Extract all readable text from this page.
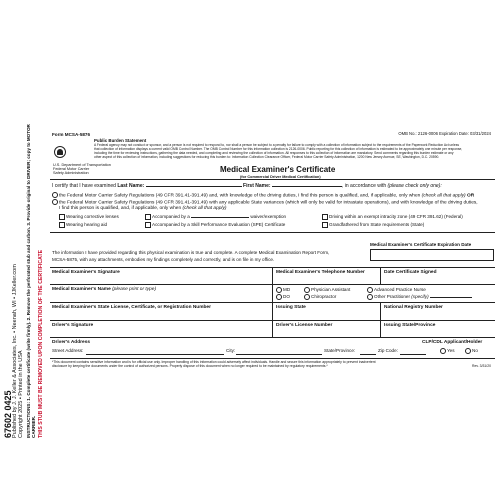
67602 0425 Published by J. J. Keller & Associates, Inc. • Neenah, WI • JJKeller.com Copyright 2025 • Printed in the USA INSTRUCTIONS: 1. Complete certificate (write firmly). 2. Remove the perforated stub and carbon. 3. Provide original to DRIVER; copy to MOTOR CARRIER. THIS STUB MUST BE REMOVED UPON COMPLETION OF THE CERTIFICATE
Form MCSA-5876	OMB No.: 2126-0006 Expiration Date: 03/31/2024
Public Burden Statement
A Federal agency may not conduct or sponsor, and a person is not required to respond to, nor shall a person be subject to a penalty for failure to comply with a collection of information subject to the requirements of the Paperwork Reduction Act unless
that collection of information displays a current valid OMB Control Number. The OMB Control Number for this information collection is 2126-0006. Public reporting for this collection of information is estimated to be approximately one minute per response,
including the time for reviewing instructions, gathering the data needed, and completing and reviewing the collection of information. All responses to this collection of information are mandatory. Send comments regarding this burden estimate or any
other aspect of this collection of information, including suggestions for reducing this burden to: Information Collection Clearance Officer, Federal Motor Carrier Safety Administration, 1200 New Jersey Avenue, SE, Washington, D.C. 20590.
U.S. Department of Transportation
Federal Motor Carrier
Safety Administration	Medical Examiner's Certificate
(for Commercial Driver Medical Certification)
I certify that I have examined Last Name:	First Name:	, in accordance with (please check only one):
the Federal Motor Carrier Safety Regulations (49 CFR 391.41-391.49) and, with knowledge of the driving duties, I find this person is qualified, and, if applicable, only when (check all that apply) OR
the Federal Motor Carrier Safety Regulations (49 CFR 391.41-391.49) with any applicable State variances (which will only be valid for intrastate operations), and with knowledge of the driving duties,
I find this person is qualified, and, if applicable, only when (check all that apply)
Wearing corrective lenses	Accompanied by a	waiver/exemption	Driving within an exempt intracity zone (49 CFR 391.62) (Federal)
Wearing hearing aid	Accompanied by a Skill Performance Evaluation (SPE) Certificate	Grandfathered from State requirements (State)
Medical Examiner's Certificate Expiration Date
The information I have provided regarding this physical examination is true and complete. A complete Medical Examination Report Form,
MCSA-5875, with any attachments, embodies my findings completely and correctly, and is on file in my office.
Medical Examiner's Signature	Medical Examiner's Telephone Number	Date Certificate Signed
Medical Examiner's Name (please print or type)	MD
DO
Physician Assistant
Chiropractor
Advanced Practice Nurse
Other Practitioner (specify)
Medical Examiner's State License, Certificate, or Registration Number	Issuing State	National Registry Number
Driver's Signature	Driver's License Number	Issuing State/Province
Driver's Address	CLP/CDL Applicant/Holder
Street Address:	City:	State/Province:	Zip Code:	Yes	No
*This document contains sensitive information and is for official use only. Improper handling of this information could adversely affect individuals. Handle and secure this information appropriately to prevent inadvertent
disclosure by keeping the documents under the control of authorized persons. Properly dispose of this document when no longer required to be maintained by regulatory requirements.*	Rev. 3/31/20
